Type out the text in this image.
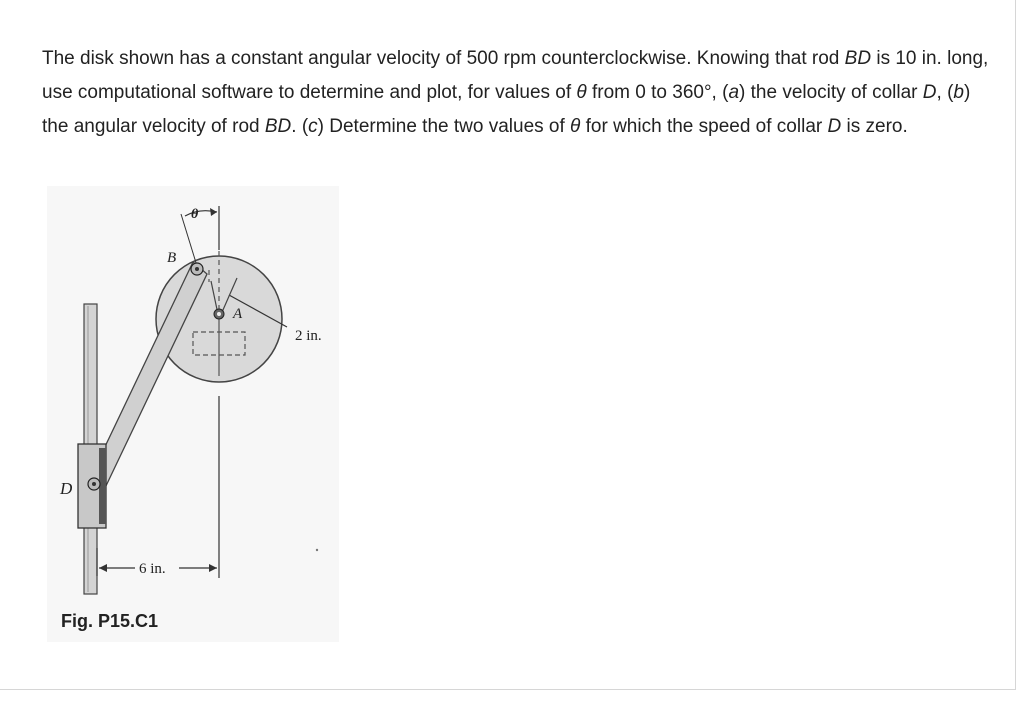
The disk shown has a constant angular velocity of 500 rpm counterclockwise. Knowing that rod BD is 10 in. long, use computational software to determine and plot, for values of θ from 0 to 360°, (a) the velocity of collar D, (b) the angular velocity of rod BD. (c) Determine the two values of θ for which the speed of collar D is zero.

θ
B
A
D
2 in.
6 in.
Fig. P15.C1
